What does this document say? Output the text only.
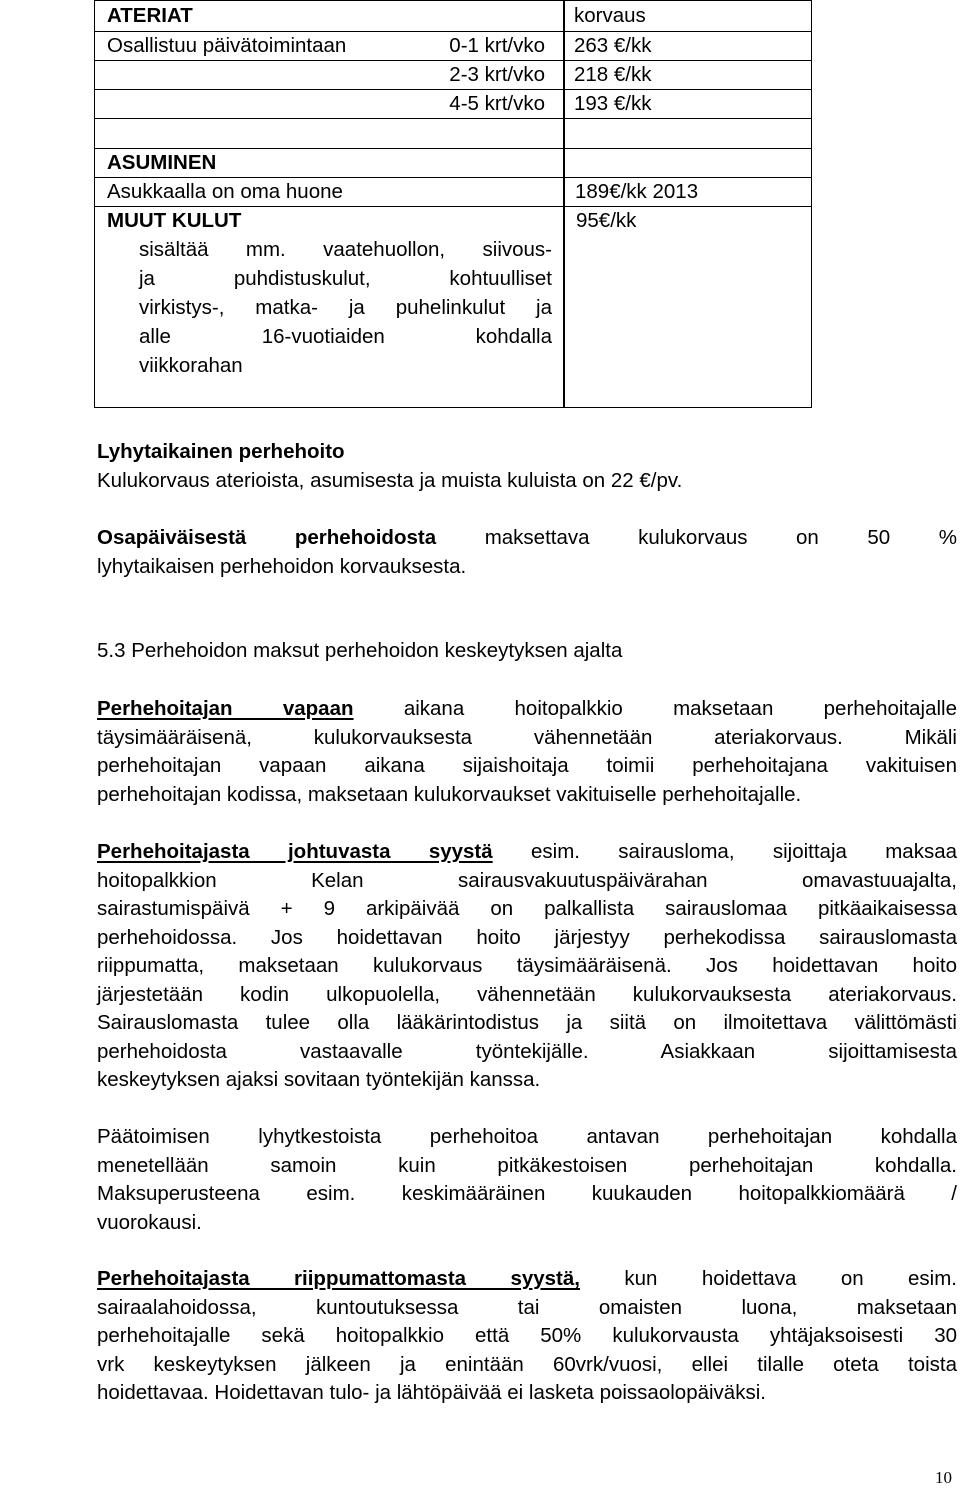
ATERIAT	korvaus
Osallistuu päivätoimintaan	0-1 krt/vko 263 €/kk
2-3 krt/vko 218 €/kk
4-5 krt/vko 193 €/kk
ASUMINEN
Asukkaalla on oma huone	189€/kk 2013
MUUT KULUT	95€/kk
sisältää mm. vaatehuollon, siivous-
ja puhdistuskulut, kohtuulliset
virkistys-, matka- ja puhelinkulut ja
alle 16-vuotiaiden kohdalla
viikkorahan
Lyhytaikainen perhehoito
Kulukorvaus aterioista, asumisesta ja muista kuluista on 22 €/pv.
Osapäiväisestä perhehoidosta maksettava kulukorvaus on 50 %
lyhytaikaisen perhehoidon korvauksesta.
5.3 Perhehoidon maksut perhehoidon keskeytyksen ajalta
Perhehoitajan vapaan aikana hoitopalkkio maksetaan perhehoitajalle
täysimääräisenä, kulukorvauksesta vähennetään ateriakorvaus. Mikäli
perhehoitajan vapaan aikana sijaishoitaja toimii perhehoitajana vakituisen
perhehoitajan kodissa, maksetaan kulukorvaukset vakituiselle perhehoitajalle.
Perhehoitajasta johtuvasta syystä esim. sairausloma, sijoittaja maksaa
hoitopalkkion Kelan sairausvakuutuspäivärahan omavastuuajalta,
sairastumispäivä + 9 arkipäivää on palkallista sairauslomaa pitkäaikaisessa
perhehoidossa. Jos hoidettavan hoito järjestyy perhekodissa sairauslomasta
riippumatta, maksetaan kulukorvaus täysimääräisenä. Jos hoidettavan hoito
järjestetään kodin ulkopuolella, vähennetään kulukorvauksesta ateriakorvaus.
Sairauslomasta tulee olla lääkärintodistus ja siitä on ilmoitettava välittömästi
perhehoidosta vastaavalle työntekijälle. Asiakkaan sijoittamisesta
keskeytyksen ajaksi sovitaan työntekijän kanssa.
Päätoimisen lyhytkestoista perhehoitoa antavan perhehoitajan kohdalla
menetellään samoin kuin pitkäkestoisen perhehoitajan kohdalla.
Maksuperusteena esim. keskimääräinen kuukauden hoitopalkkiomäärä /
vuorokausi.
Perhehoitajasta riippumattomasta syystä, kun hoidettava on esim.
sairaalahoidossa, kuntoutuksessa tai omaisten luona, maksetaan
perhehoitajalle sekä hoitopalkkio että 50% kulukorvausta yhtäjaksoisesti 30
vrk keskeytyksen jälkeen ja enintään 60vrk/vuosi, ellei tilalle oteta toista
hoidettavaa. Hoidettavan tulo- ja lähtöpäivää ei lasketa poissaolopäiväksi.
10
